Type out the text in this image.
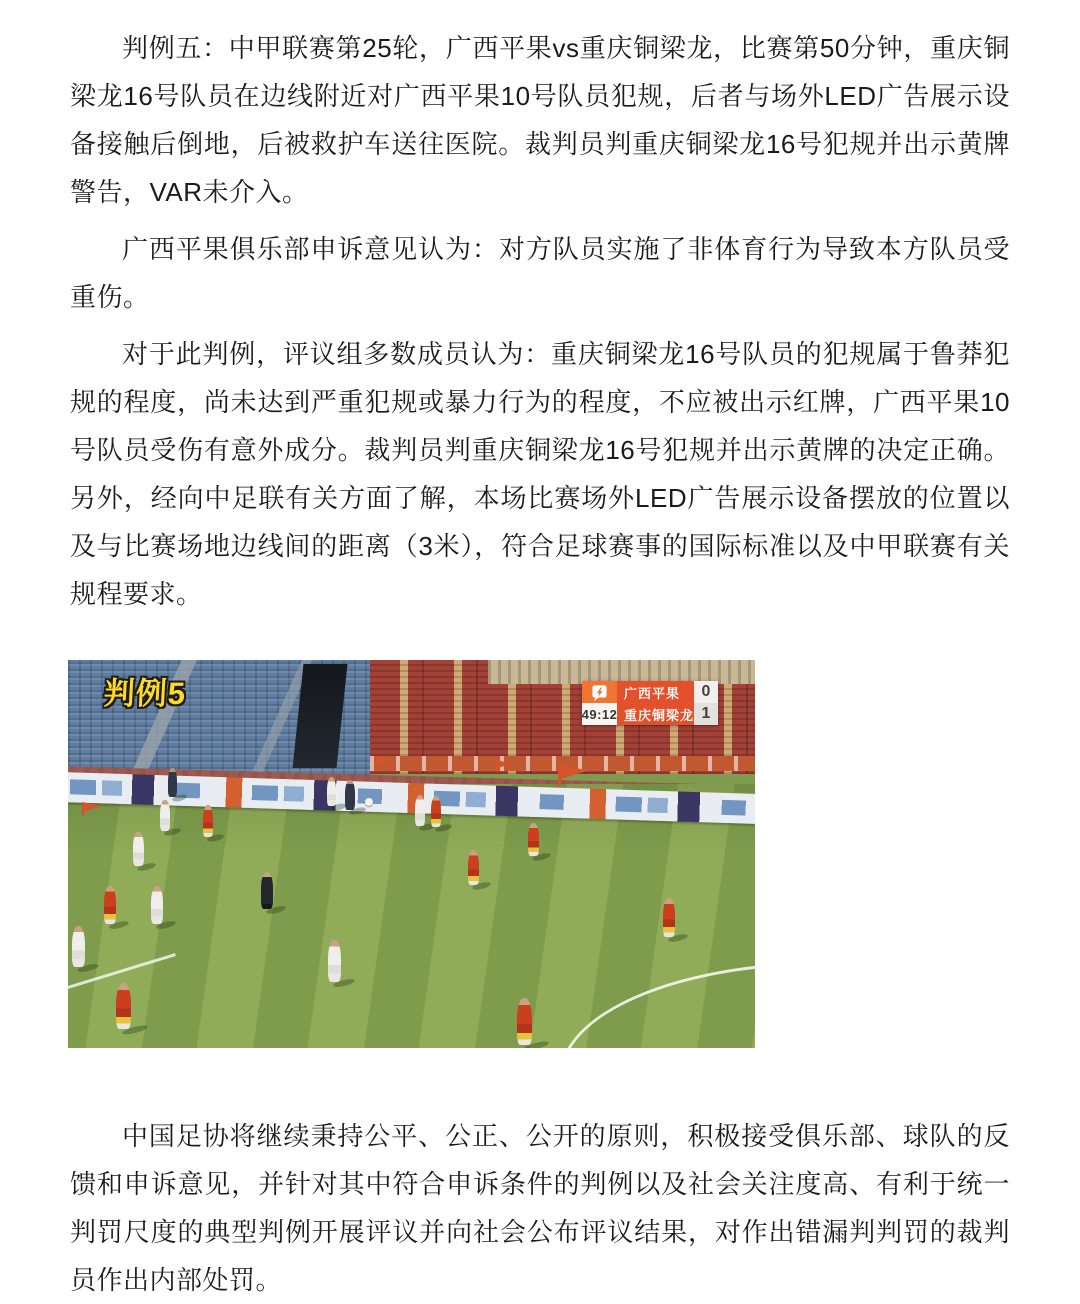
判例五：中甲联赛第25轮，广西平果vs重庆铜梁龙，比赛第50分钟，重庆铜梁龙16号队员在边线附近对广西平果10号队员犯规，后者与场外LED广告展示设备接触后倒地，后被救护车送往医院。裁判员判重庆铜梁龙16号犯规并出示黄牌警告，VAR未介入。

广西平果俱乐部申诉意见认为：对方队员实施了非体育行为导致本方队员受重伤。

对于此判例，评议组多数成员认为：重庆铜梁龙16号队员的犯规属于鲁莽犯规的程度，尚未达到严重犯规或暴力行为的程度，不应被出示红牌，广西平果10号队员受伤有意外成分。裁判员判重庆铜梁龙16号犯规并出示黄牌的决定正确。另外，经向中足联有关方面了解，本场比赛场外LED广告展示设备摆放的位置以及与比赛场地边线间的距离（3米），符合足球赛事的国际标准以及中甲联赛有关规程要求。

广西平果	0
49:12 重庆铜梁龙 1
判例5

中国足协将继续秉持公平、公正、公开的原则，积极接受俱乐部、球队的反馈和申诉意见，并针对其中符合申诉条件的判例以及社会关注度高、有利于统一判罚尺度的典型判例开展评议并向社会公布评议结果，对作出错漏判判罚的裁判员作出内部处罚。
